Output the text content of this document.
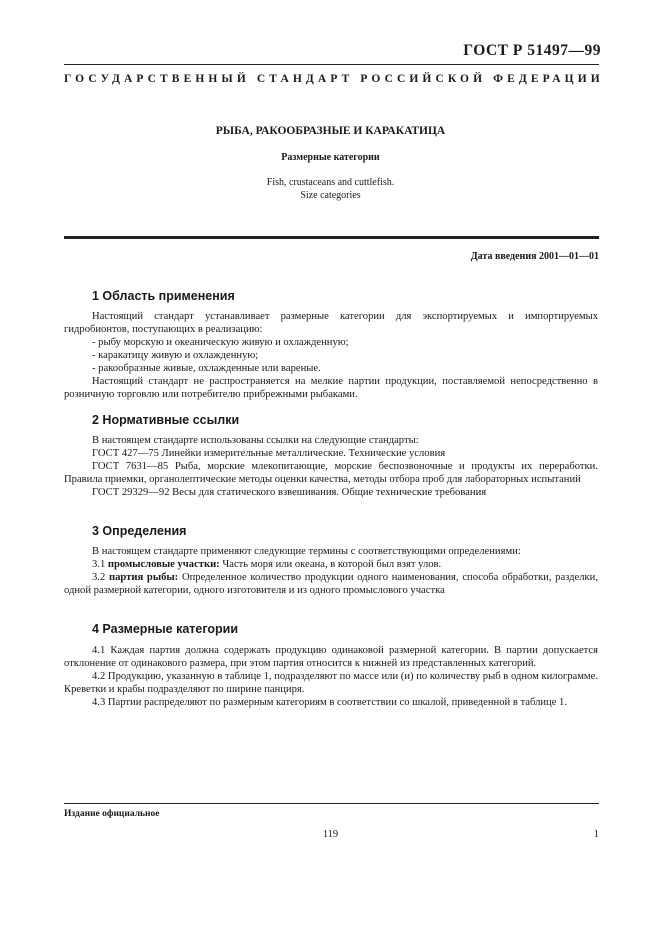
ГОСТ Р 51497—99
ГОСУДАРСТВЕННЫЙ СТАНДАРТ РОССИЙСКОЙ ФЕДЕРАЦИИ
РЫБА, РАКООБРАЗНЫЕ И КАРАКАТИЦА
Размерные категории
Fish, crustaceans and cuttlefish.
Size categories
Дата введения 2001—01—01
1 Область применения

Настоящий стандарт устанавливает размерные категории для экспортируемых и импортируемых гидробионтов, поступающих в реализацию:

- рыбу морскую и океаническую живую и охлажденную;

- каракатицу живую и охлажденную;

- ракообразные живые, охлажденные или вареные.

Настоящий стандарт не распространяется на мелкие партии продукции, поставляемой непосредственно в розничную торговлю или потребителю прибрежными рыбаками.

2 Нормативные ссылки

В настоящем стандарте использованы ссылки на следующие стандарты:

ГОСТ 427—75 Линейки измерительные металлические. Технические условия

ГОСТ 7631—85 Рыба, морские млекопитающие, морские беспозвоночные и продукты их переработки. Правила приемки, органолептические методы оценки качества, методы отбора проб для лабораторных испытаний

ГОСТ 29329—92 Весы для статического взвешивания. Общие технические требования

3 Определения

В настоящем стандарте применяют следующие термины с соответствующими определениями:

3.1 промысловые участки: Часть моря или океана, в которой был взят улов.

3.2 партия рыбы: Определенное количество продукции одного наименования, способа обработки, разделки, одной размерной категории, одного изготовителя и из одного промыслового участка

4 Размерные категории

4.1 Каждая партия должна содержать продукцию одинаковой размерной категории. В партии допускается отклонение от одинакового размера, при этом партия относится к нижней из представленных категорий.

4.2 Продукцию, указанную в таблице 1, подразделяют по массе или (и) по количеству рыб в одном килограмме. Креветки и крабы подразделяют по ширине панциря.

4.3 Партии распределяют по размерным категориям в соответствии со шкалой, приведенной в таблице 1.

Издание официальное
119	1
